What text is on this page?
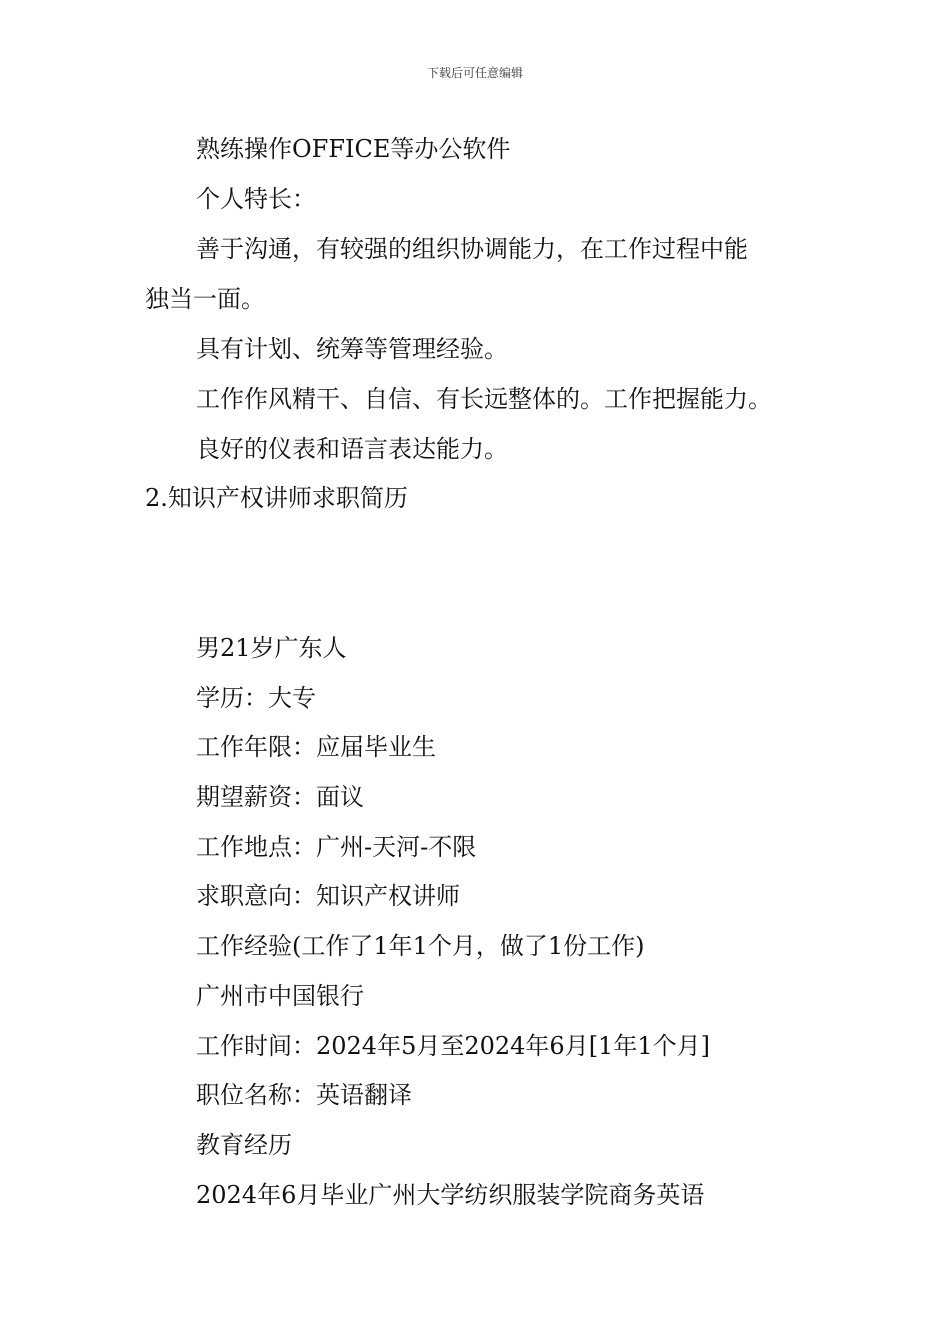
下载后可任意编辑
熟练操作OFFICE等办公软件
个人特长：
善于沟通，有较强的组织协调能力，在工作过程中能
独当一面。
具有计划、统筹等管理经验。
工作作风精干、自信、有长远整体的。工作把握能力。
良好的仪表和语言表达能力。
2.知识产权讲师求职简历
男21岁广东人
学历：大专
工作年限：应届毕业生
期望薪资：面议
工作地点：广州-天河-不限
求职意向：知识产权讲师
工作经验(工作了1年1个月，做了1份工作)
广州市中国银行
工作时间：2024年5月至2024年6月[1年1个月]
职位名称：英语翻译
教育经历
2024年6月毕业广州大学纺织服装学院商务英语
